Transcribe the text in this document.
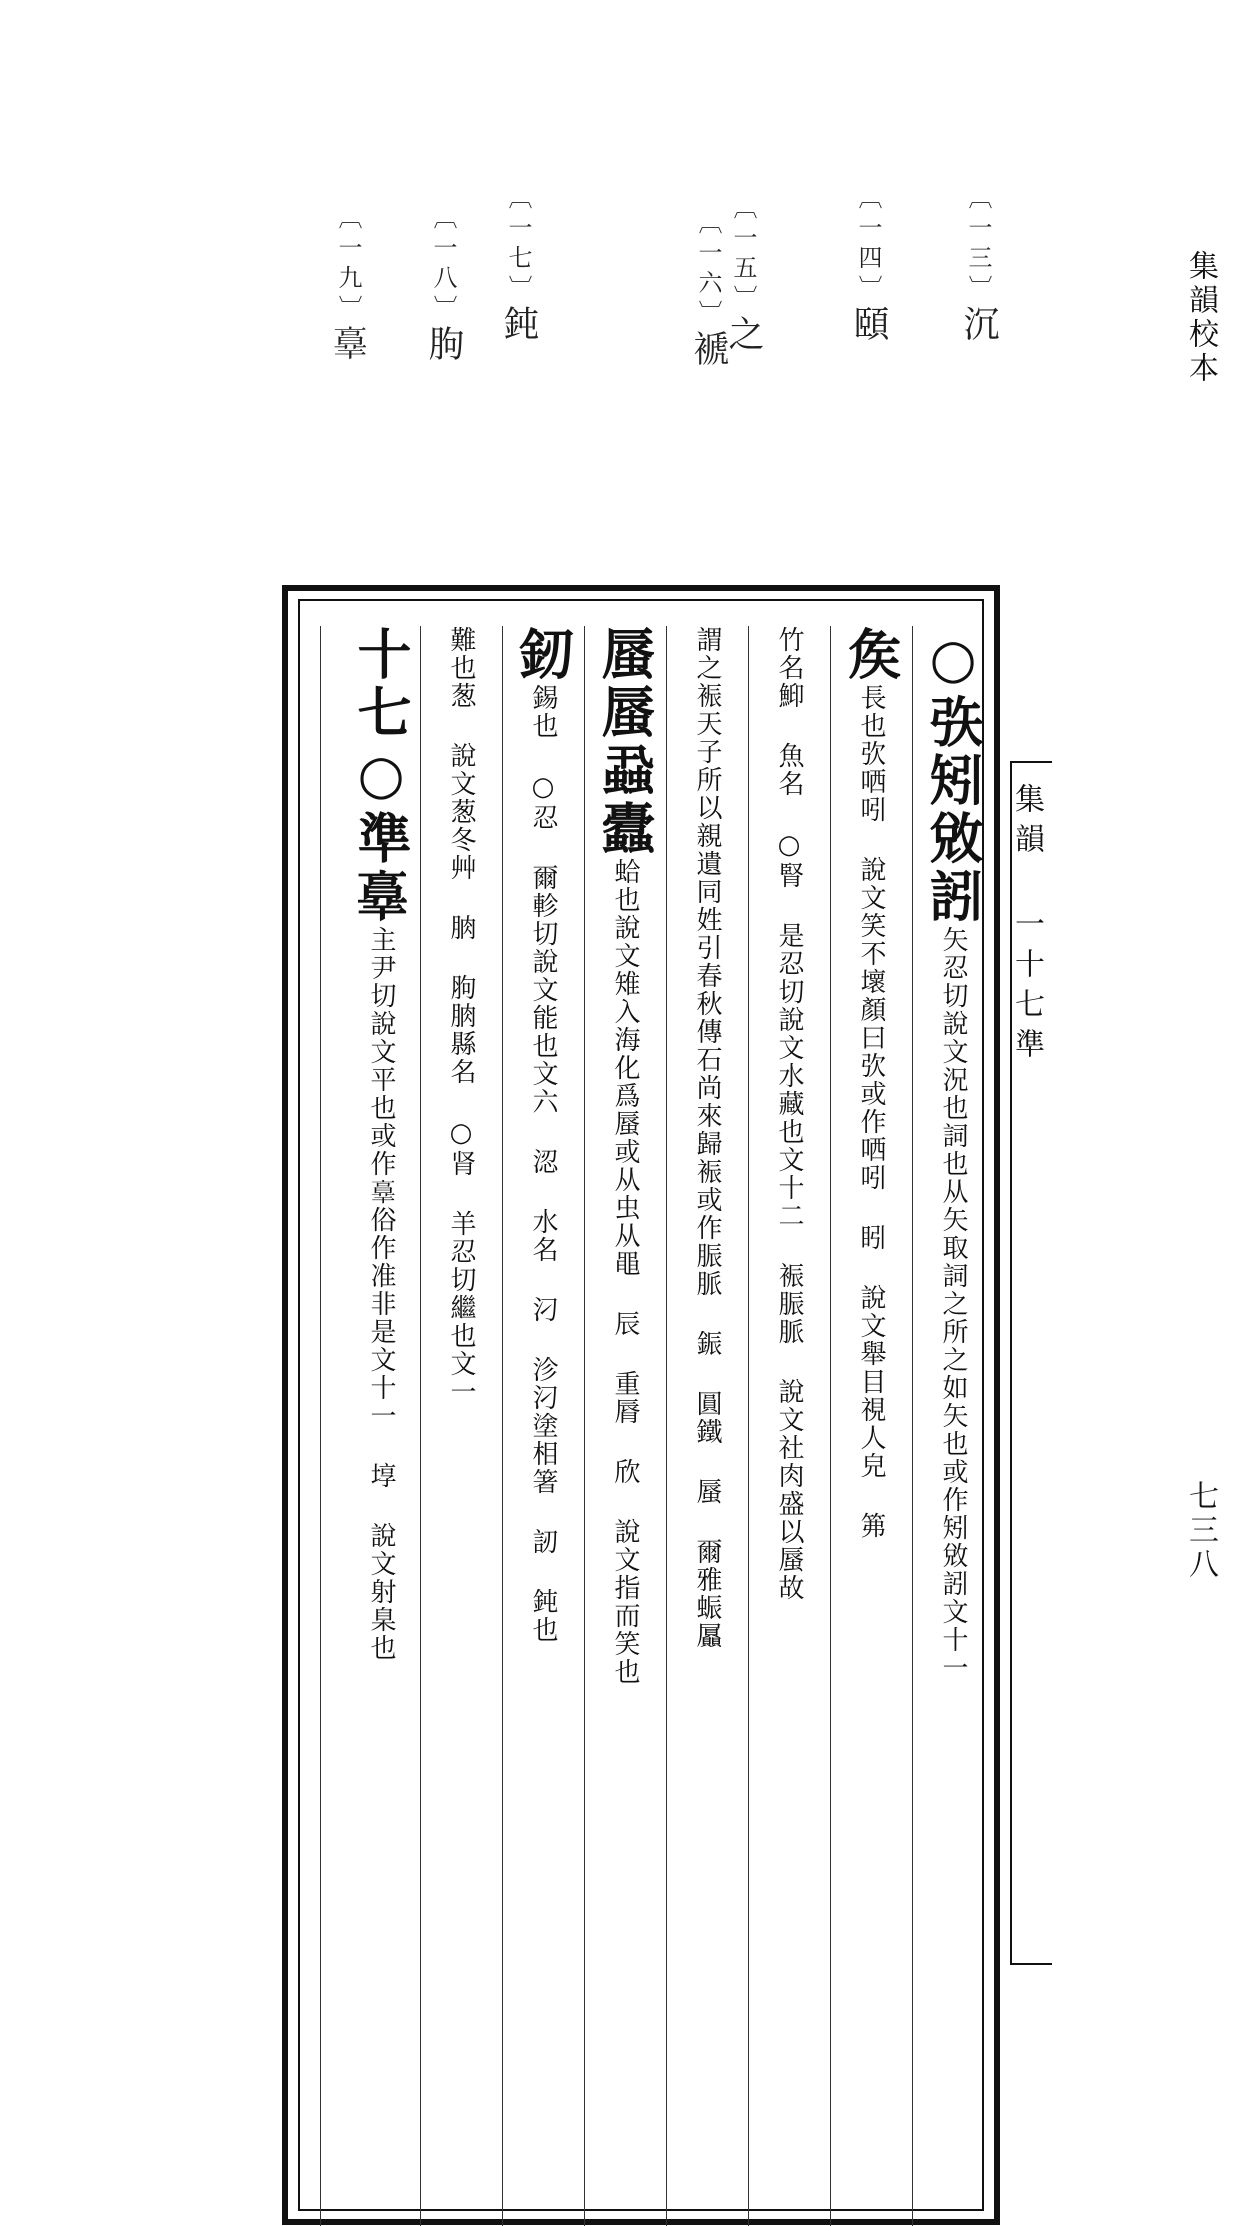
集韻校本
七三八
〔一三〕沉
〔一四〕頤
〔一五〕之
〔一六〕褫
〔一七〕鈍
〔一八〕朐
〔一九〕𦎧
集韻 一十七準
○矤矧敓訠矢忍切說文況也詞也从矢取詞之所之如矢也或作矧敓訠文十一
矦長也弞哂吲 說文笑不壞顏曰弞或作哂吲 䀕 說文舉目視人皃 笰
竹名鮣 魚名 ○腎 是忍切說文水藏也文十二 裖脤脈 說文社肉盛以蜃故
謂之裖天子所以親遺同姓引春秋傳石尚來歸裖或作脤脈 鋠 圓鐵 蜃 爾雅蜄屭
蜃蜃蝨蠹蛤也說文雉入海化爲蜃或从虫从黽 辰 重脣 欣 說文指而笑也
釰錫也 ○忍 爾軫切說文能也文六 涊 水名 汈 沴汈塗相箸 訒 鈍也
難也葱 說文葱冬艸 朒 胊朒縣名 ○肾 羊忍切繼也文一
十七○準𦎧主尹切說文平也或作𦎧俗作准非是文十一 埻 說文射臬也
